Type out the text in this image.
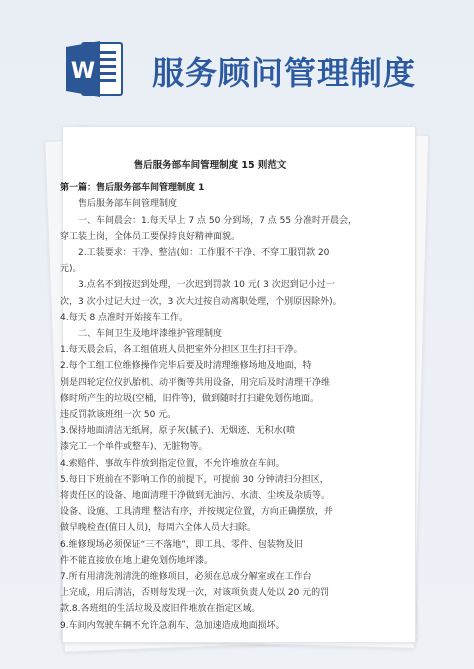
W 服务顾问管理制度
售后服务部车间管理制度 15 则范文
第一篇：售后服务部车间管理制度 1
售后服务部车间管理制度
一、车间晨会：1.每天早上 7 点 50 分到场，7 点 55 分准时开晨会，
穿工装上岗，全体员工要保持良好精神面貌。
2.工装要求：干净、整洁(如：工作服不干净、不穿工服罚款 20
元)。
3.点名不到按迟到处理，一次迟到罚款 10 元( 3 次迟到记小过一
次，3 次小过记大过一次，3 次大过按自动离职处理，个别原因除外)。
4.每天 8 点准时开始接车工作。
二、车间卫生及地坪漆维护管理制度
1.每天晨会后，各工组值班人员把室外分担区卫生打扫干净。
2.每个工组工位维修操作完毕后要及时清理维修场地及地面，特
别是四轮定位仪扒胎机、动平衡等共用设备，用完后及时清理干净维
修时所产生的垃圾(空桶，旧件等)，做到随时打扫避免划伤地面。
违反罚款该班组一次 50 元。
3.保持地面清洁无纸屑，原子灰(腻子)、无烟迹、无积水(喷
漆完工一个单件或整车)、无脏物等。
4.索赔件、事故车件放到指定位置，不允许堆放在车间。
5.每日下班前在不影响工作的前提下，可提前 30 分钟清扫分担区，
将责任区的设备、地面清理干净做到无油污、水渍、尘埃及杂质等。
设备、设施、工具清理 整洁有序，并按规定位置，方向正确摆放，并
做早晚检查(值日人员)，每周六全体人员大扫除。
6.维修现场必须保证“三不落地”，即工具、零件、包装物及旧
件不能直接放在地上避免划伤地坪漆。
7.所有用清洗剂清洗的维修项目，必须在总成分解室或在工作台
上完成，用后清洁，否则每发现一次，对该项负责人处以 20 元的罚
款.8.各班组的生活垃圾及废旧件堆放在指定区域。
9.车间内驾驶车辆不允许急刹车、急加速造成地面损坏。
